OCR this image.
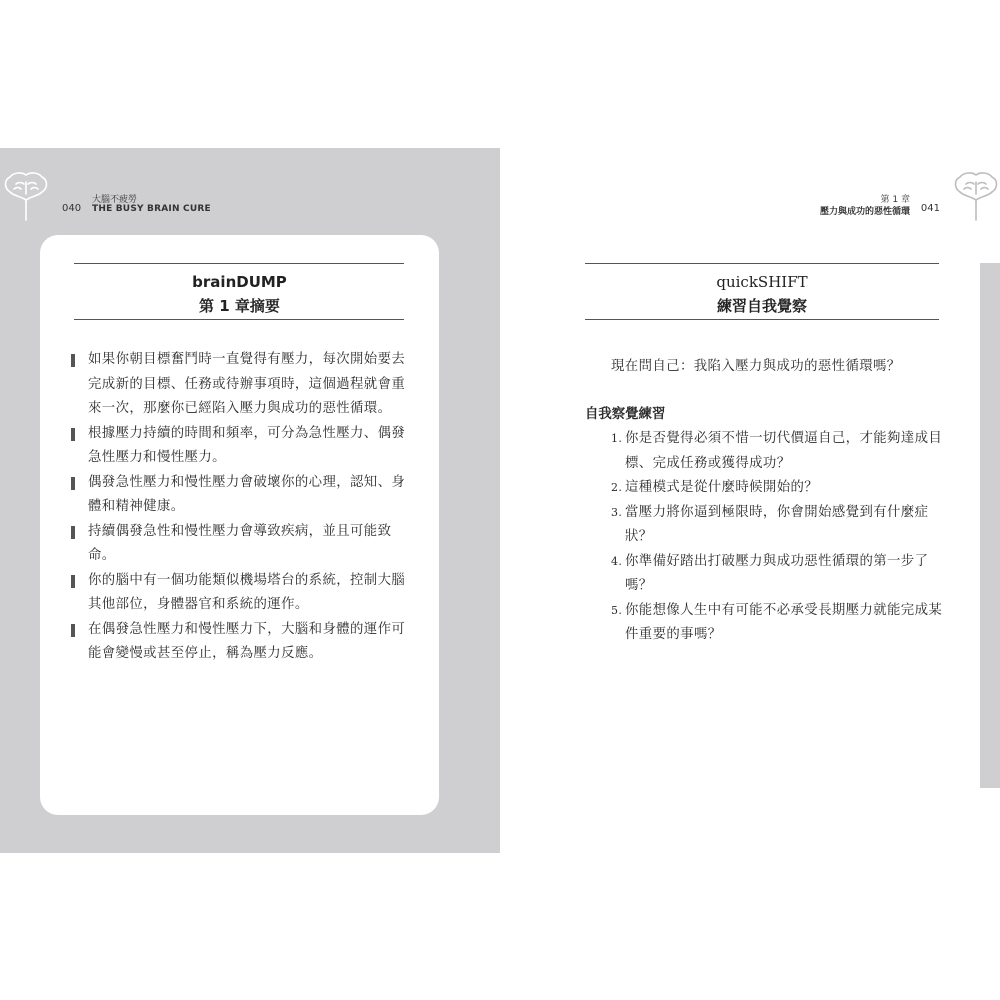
大腦不疲勞
040 THE BUSY BRAIN CURE
brainDUMP
第 1 章摘要
如果你朝目標奮鬥時一直覺得有壓力，每次開始要去完成新的目標、任務或待辦事項時，這個過程就會重來一次，那麼你已經陷入壓力與成功的惡性循環。
根據壓力持續的時間和頻率，可分為急性壓力、偶發急性壓力和慢性壓力。
偶發急性壓力和慢性壓力會破壞你的心理，認知、身體和精神健康。
持續偶發急性和慢性壓力會導致疾病，並且可能致命。
你的腦中有一個功能類似機場塔台的系統，控制大腦其他部位，身體器官和系統的運作。
在偶發急性壓力和慢性壓力下，大腦和身體的運作可能會變慢或甚至停止，稱為壓力反應。
第 1 章
壓力與成功的惡性循環 041
quickSHIFT
練習自我覺察
現在問自己：我陷入壓力與成功的惡性循環嗎？
自我察覺練習
1. 你是否覺得必須不惜一切代價逼自己，才能夠達成目標、完成任務或獲得成功？
2. 這種模式是從什麼時候開始的？
3. 當壓力將你逼到極限時，你會開始感覺到有什麼症狀？
4. 你準備好踏出打破壓力與成功惡性循環的第一步了嗎？
5. 你能想像人生中有可能不必承受長期壓力就能完成某件重要的事嗎？
